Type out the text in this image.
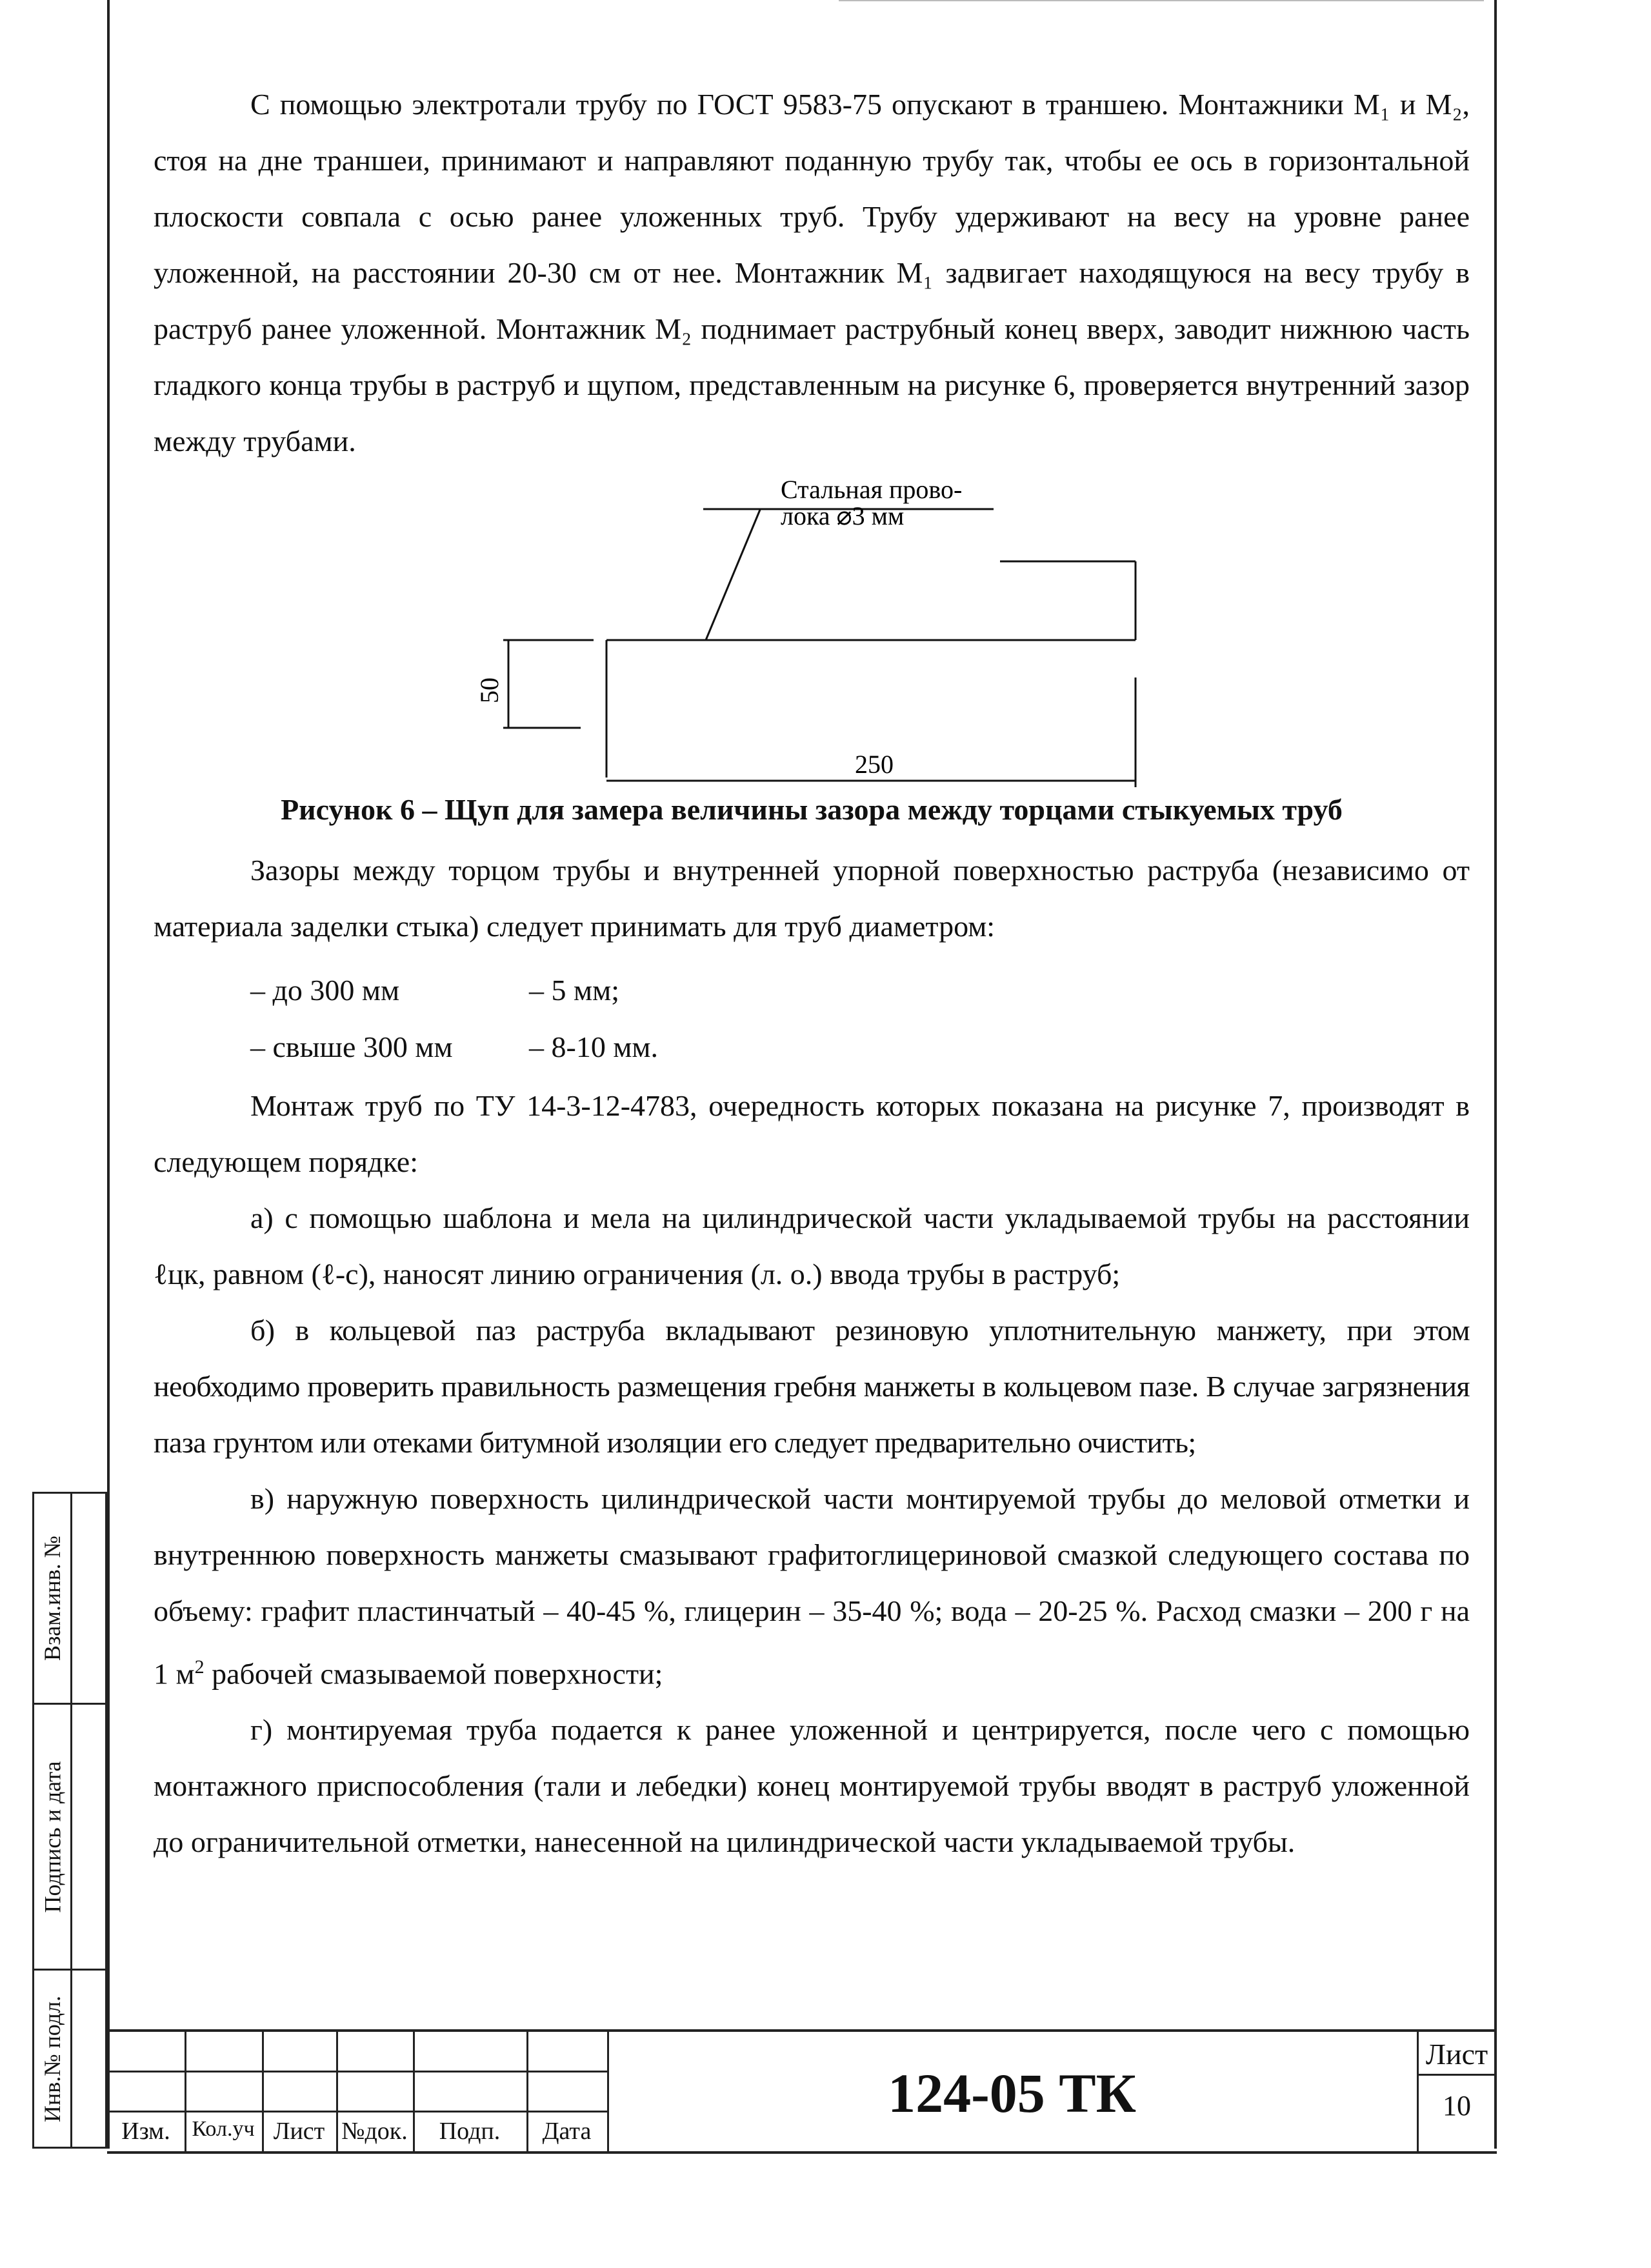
С помощью электротали трубу по ГОСТ 9583-75 опускают в траншею. Монтажники М₁ и М₂, стоя на дне траншеи, принимают и направляют поданную трубу так, чтобы ее ось в горизонтальной плоскости совпала с осью ранее уложенных труб. Трубу удерживают на весу на уровне ранее уложенной, на расстоянии 20-30 см от нее. Монтажник М₁ задвигает находящуюся на весу трубу в раструб ранее уложенной. Монтажник М₂ поднимает раструбный конец вверх, заводит нижнюю часть гладкого конца трубы в раструб и щупом, представленным на рисунке 6, проверяется внутренний зазор между трубами.

Стальная прово-
лока ⌀3 мм
50
250
Рисунок 6 – Щуп для замера величины зазора между торцами стыкуемых труб

Зазоры между торцом трубы и внутренней упорной поверхностью раструба (независимо от материала заделки стыка) следует принимать для труб диаметром:

– до 300 мм	– 5 мм;
– свыше 300 мм	– 8-10 мм.

Монтаж труб по ТУ 14-3-12-4783, очередность которых показана на рисунке 7, производят в следующем порядке:

а) с помощью шаблона и мела на цилиндрической части укладываемой трубы на расстоянии ℓцк, равном (ℓ-с), наносят линию ограничения (л. о.) ввода трубы в раструб;

б) в кольцевой паз раструба вкладывают резиновую уплотнительную манжету, при этом необходимо проверить правильность размещения гребня манжеты в кольцевом пазе. В случае загрязнения паза грунтом или отеками битумной изоляции его следует предварительно очистить;

в) наружную поверхность цилиндрической части монтируемой трубы до меловой отметки и внутреннюю поверхность манжеты смазывают графитоглицериновой смазкой следующего состава по объему: графит пластинчатый – 40-45 %, глицерин – 35-40 %; вода – 20-25 %. Расход смазки – 200 г на 1 $м^2$ рабочей смазываемой поверхности;

г) монтируемая труба подается к ранее уложенной и центрируется, после чего с помощью монтажного приспособления (тали и лебедки) конец монтируемой трубы вводят в раструб уложенной до ограничительной отметки, нанесенной на цилиндрической части укладываемой трубы.

Взам.инв. №
Подпись и дата
Инв.№ подл.
Изм. Кол.уч Лист №док.	Подп.	Дата
124-05 ТК
Лист
10
